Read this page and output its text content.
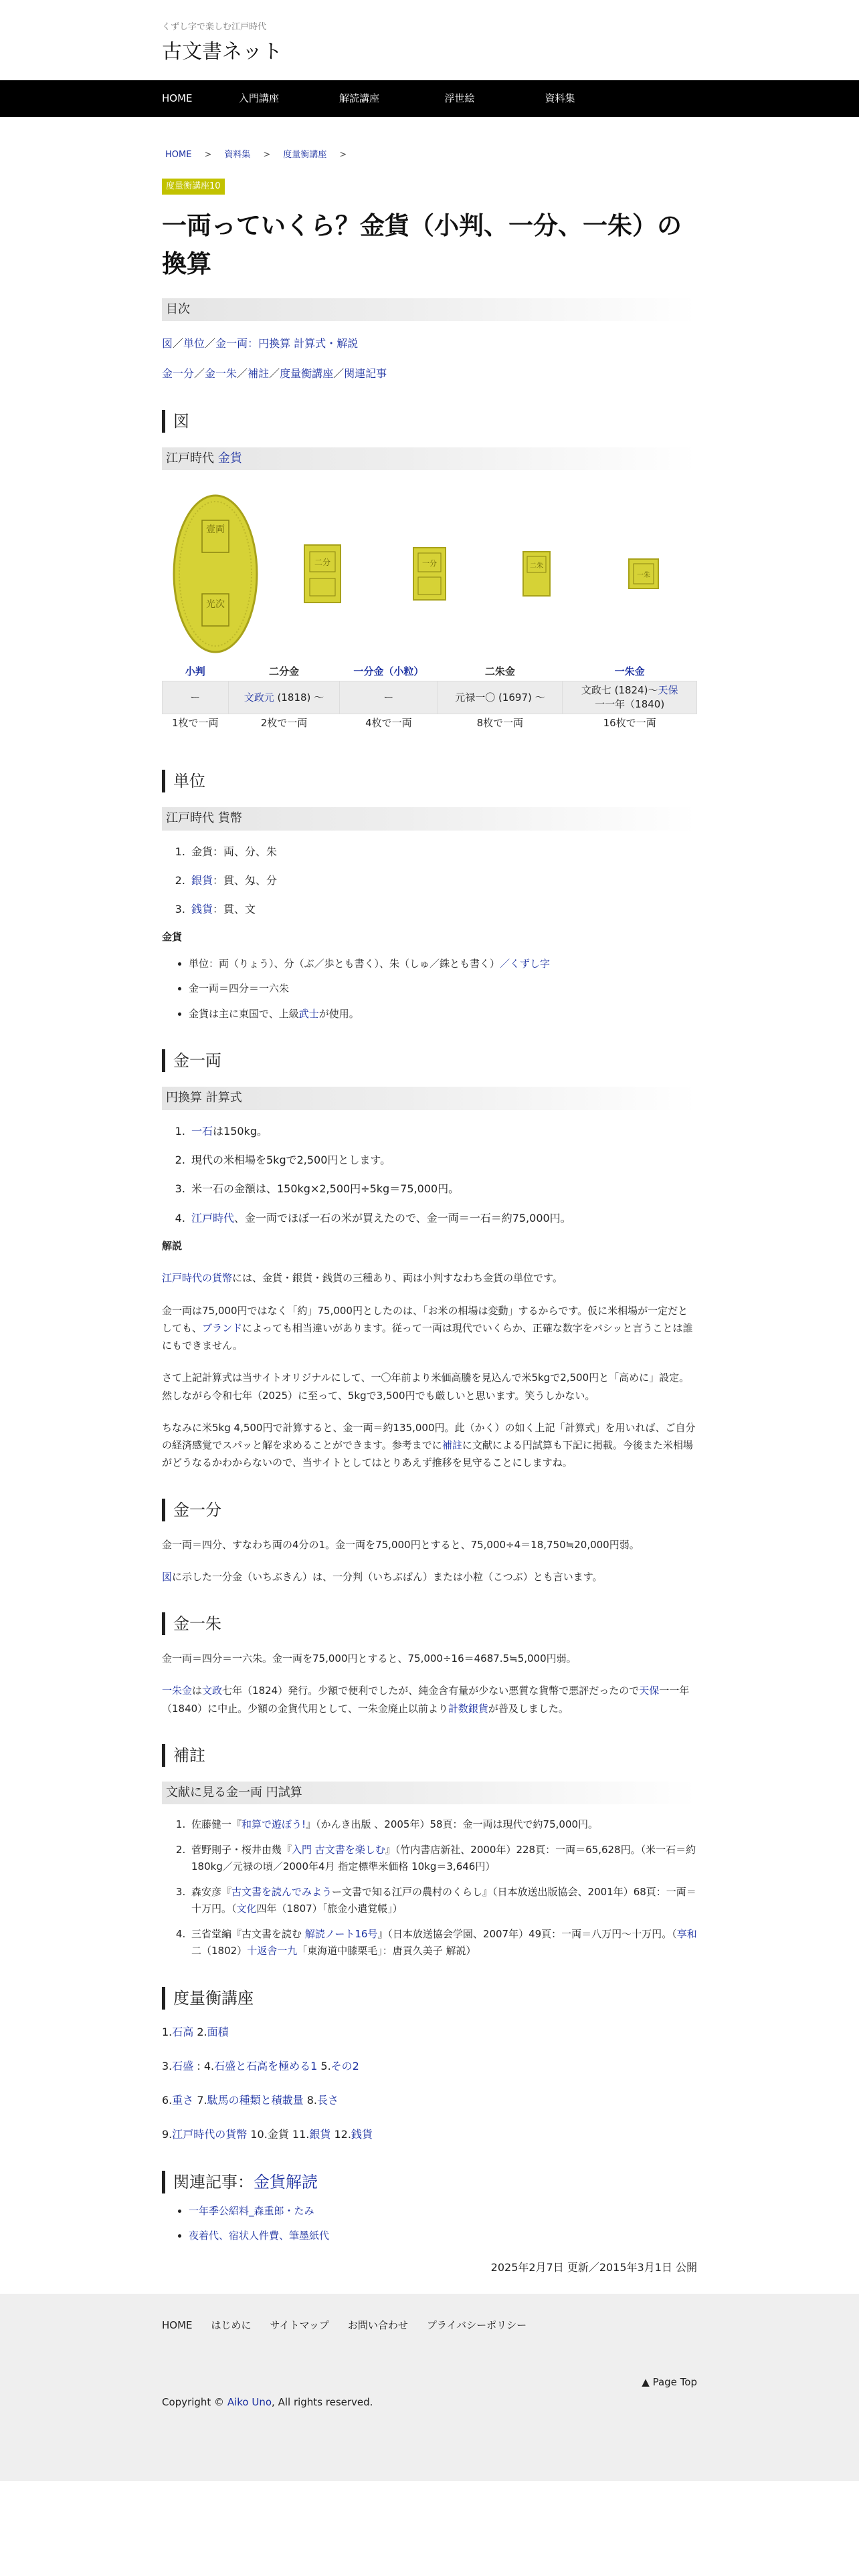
くずし字で楽しむ江戸時代
古文書ネット
HOME	入門講座	解読講座	浮世絵	資料集
HOME > 資料集 > 度量衡講座 >
度量衡講座10
一両っていくら？金貨（小判、一分、一朱）の換算
目次
図／単位／金一両：円換算 計算式・解説
金一分／金一朱／補註／度量衡講座／関連記事
図
江戸時代 金貨
壹両
光次
二分	一分	二朱
一朱
小判	二分金	一分金（小粒）	二朱金	一朱金
ー	文政元 (1818) 〜	ー	元禄一〇 (1697) 〜	文政七 (1824)〜天保
一一年（1840)
1枚で一両	2枚で一両	4枚で一両	8枚で一両	16枚で一両
単位
江戸時代 貨幣
1. 金貨：両、分、朱
2. 銀貨：貫、匁、分
3. 銭貨：貫、文
金貨
• 単位：両（りょう）、分（ぶ／歩とも書く）、朱（しゅ／銖とも書く）／くずし字
• 金一両＝四分＝一六朱
• 金貨は主に東国で、上級武士が使用。
金一両
円換算 計算式
1. 一石は150kg。
2. 現代の米相場を5kgで2,500円とします。
3. 米一石の金額は、150kg×2,500円÷5kg＝75,000円。
4. 江戸時代、金一両でほぼ一石の米が買えたので、金一両＝一石＝約75,000円。
解説

江戸時代の貨幣には、金貨・銀貨・銭貨の三種あり、両は小判すなわち金貨の単位です。

金一両は75,000円ではなく「約」75,000円としたのは、「お米の相場は変動」するからです。仮に米相場が一定だとしても、ブランドによっても相当違いがあります。従って一両は現代でいくらか、正確な数字をバシッと言うことは誰にもできません。

さて上記計算式は当サイトオリジナルにして、一〇年前より米価高騰を見込んで米5kgで2,500円と「高めに」設定。然しながら令和七年（2025）に至って、5kgで3,500円でも厳しいと思います。笑うしかない。

ちなみに米5kg 4,500円で計算すると、金一両＝約135,000円。此（かく）の如く上記「計算式」を用いれば、ご自分の経済感覚でスパッと解を求めることができます。参考までに補註に文献による円試算も下記に掲載。今後また米相場がどうなるかわからないので、当サイトとしてはとりあえず推移を見守ることにしますね。

金一分

金一両＝四分、すなわち両の4分の1。金一両を75,000円とすると、75,000÷4＝18,750≒20,000円弱。

図に示した一分金（いちぶきん）は、一分判（いちぶばん）または小粒（こつぶ）とも言います。

金一朱

金一両＝四分＝一六朱。金一両を75,000円とすると、75,000÷16＝4687.5≒5,000円弱。

一朱金は文政七年（1824）発行。少額で便利でしたが、純金含有量が少ない悪質な貨幣で悪評だったので天保一一年（1840）に中止。少額の金貨代用として、一朱金廃止以前より計数銀貨が普及しました。

補註
文献に見る金一両 円試算
1. 佐藤健一『和算で遊ぼう!』（かんき出版 、2005年）58頁：金一両は現代で約75,000円。
2. 菅野則子・桜井由幾『入門 古文書を楽しむ』（竹内書店新社、2000年）228頁：一両＝65,628円。（米一石＝約180kg／元禄の頃／2000年4月 指定標準米価格 10kg＝3,646円）
3. 森安彦『古文書を読んでみようー文書で知る江戸の農村のくらし』（日本放送出版協会、2001年）68頁：一両＝十万円。（文化四年（1807）「旅金小遣覚帳」）
4. 三省堂編『古文書を読む 解読ノート16号』（日本放送協会学園、2007年）49頁：一両＝八万円〜十万円。（享和二（1802）十返舎一九「東海道中膝栗毛」：唐貢久美子 解説）
度量衡講座
1.石高 2.面積
3.石盛 : 4.石盛と石高を極める1 5.その2
6.重さ 7.駄馬の種類と積載量 8.長さ
9.江戸時代の貨幣 10.金貨 11.銀貨 12.銭貨
関連記事：金貨解読
• 一年季公紹料_森重郎・たみ
• 夜着代、宿状人件費、筆墨紙代
2025年2月7日 更新／2015年3月1日 公開
HOME はじめに サイトマップ お問い合わせ プライバシーポリシー
▲ Page Top
Copyright © Aiko Uno, All rights reserved.
